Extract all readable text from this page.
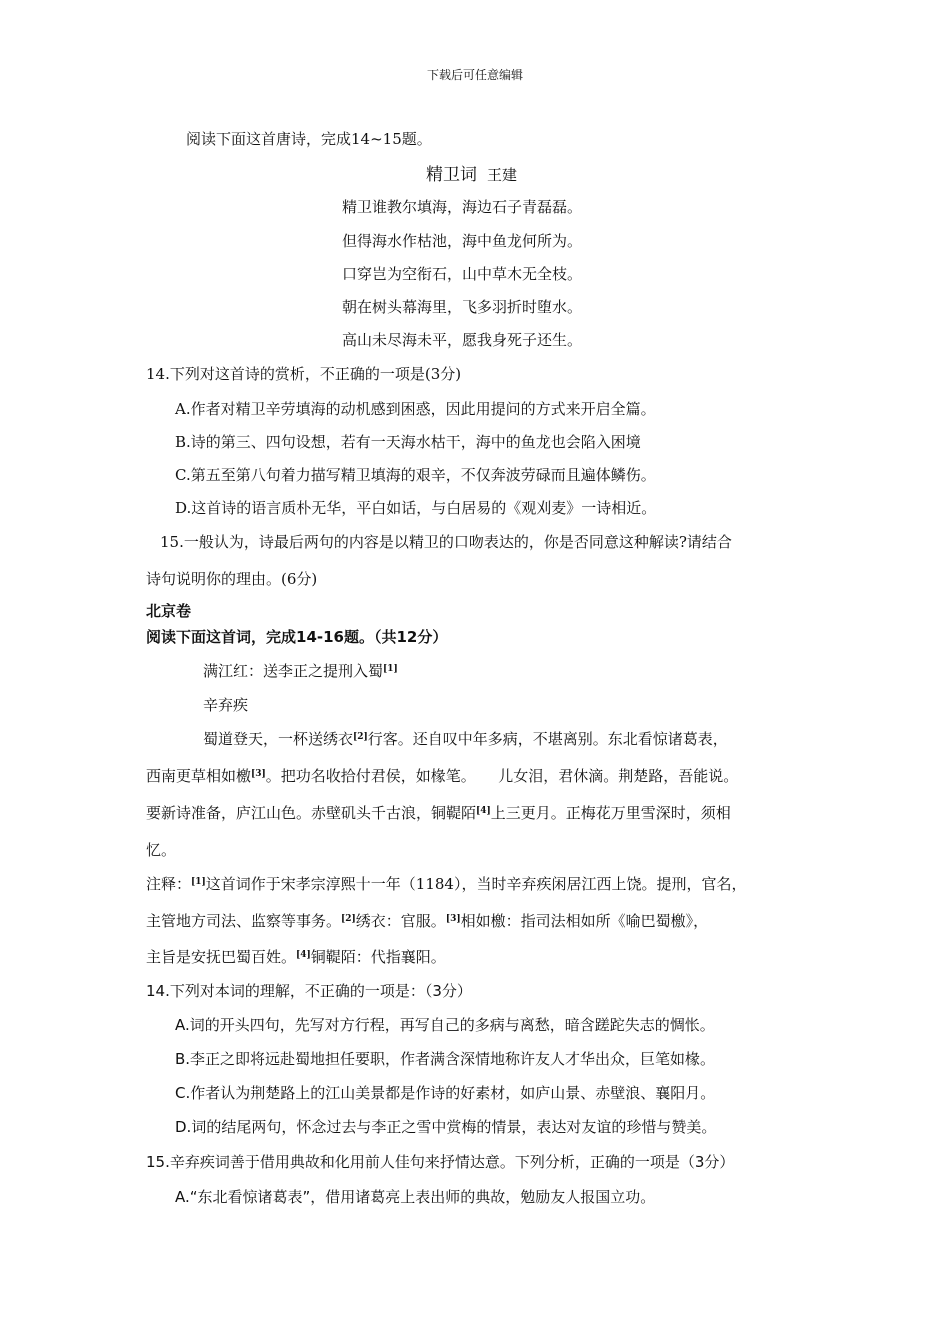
下载后可任意编辑
阅读下面这首唐诗，完成14~15题。
精卫词 王建
精卫谁教尔填海，海边石子青磊磊。
但得海水作枯池，海中鱼龙何所为。
口穿岂为空衔石，山中草木无全枝。
朝在树头幕海里，飞多羽折时堕水。
高山未尽海未平，愿我身死子还生。
14.下列对这首诗的赏析，不正确的一项是(3分)
A.作者对精卫辛劳填海的动机感到困惑，因此用提问的方式来开启全篇。
B.诗的第三、四句设想，若有一天海水枯干，海中的鱼龙也会陷入困境
C.第五至第八句着力描写精卫填海的艰辛，不仅奔波劳碌而且遍体鳞伤。
D.这首诗的语言质朴无华，平白如话，与白居易的《观刈麦》一诗相近。
15.一般认为，诗最后两句的内容是以精卫的口吻表达的，你是否同意这种解读?请结合
诗句说明你的理由。(6分)
北京卷
阅读下面这首词，完成14-16题。（共12分）
满江红：送李正之提刑入蜀[1]
辛弃疾
蜀道登天，一杯送绣衣[2]行客。还自叹中年多病，不堪离别。东北看惊诸葛表，
西南更草相如檄[3]。把功名收拾付君侯，如椽笔。　　儿女泪，君休滴。荆楚路，吾能说。
要新诗准备，庐江山色。赤壁矶头千古浪，铜鞮陌[4]上三更月。正梅花万里雪深时，须相
忆。
注释：[1]这首词作于宋孝宗淳熙十一年（1184），当时辛弃疾闲居江西上饶。提刑，官名，
主管地方司法、监察等事务。[2]绣衣：官服。[3]相如檄：指司法相如所《喻巴蜀檄》，
主旨是安抚巴蜀百姓。[4]铜鞮陌：代指襄阳。
14.下列对本词的理解，不正确的一项是：（3分）
A.词的开头四句，先写对方行程，再写自己的多病与离愁，暗含蹉跎失志的惆怅。
B.李正之即将远赴蜀地担任要职，作者满含深情地称许友人才华出众，巨笔如椽。
C.作者认为荆楚路上的江山美景都是作诗的好素材，如庐山景、赤壁浪、襄阳月。
D.词的结尾两句，怀念过去与李正之雪中赏梅的情景，表达对友谊的珍惜与赞美。
15.辛弃疾词善于借用典故和化用前人佳句来抒情达意。下列分析，正确的一项是（3分）
A.“东北看惊诸葛表”，借用诸葛亮上表出师的典故，勉励友人报国立功。
